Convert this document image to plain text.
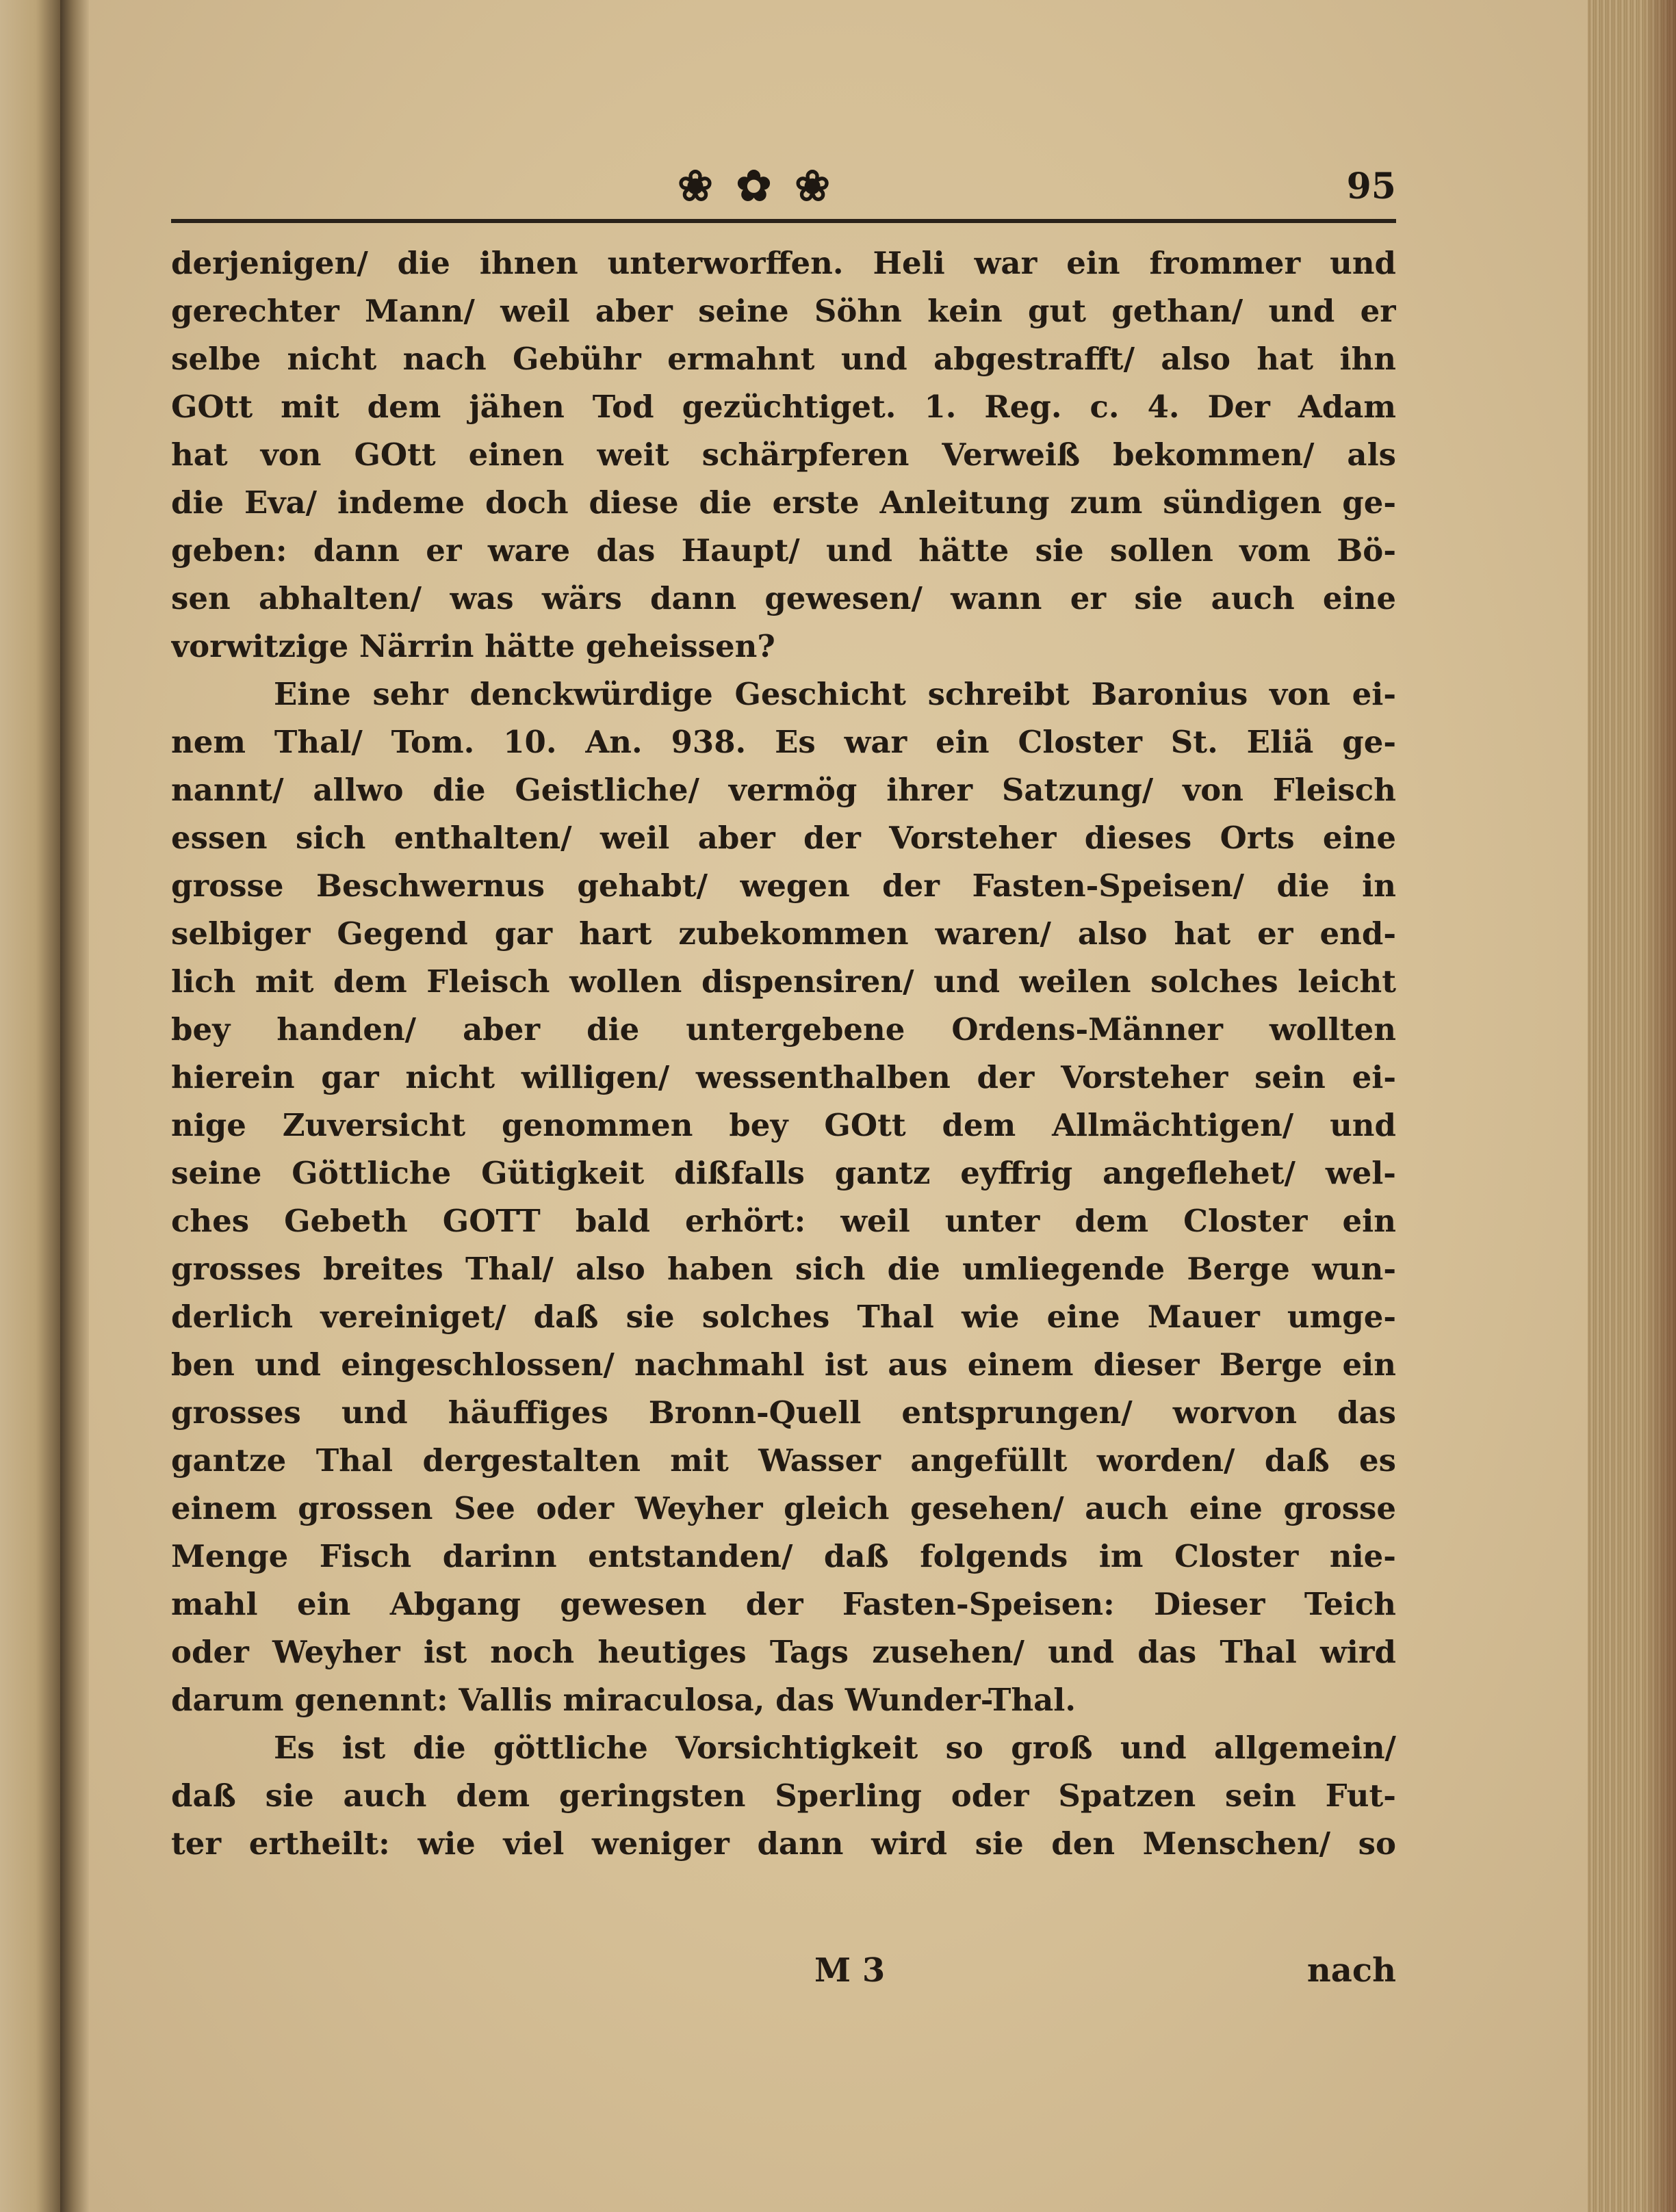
❀ ✿ ❀	95
derjenigen/ die ihnen unterworffen. Heli war ein frommer und
gerechter Mann/ weil aber seine Söhn kein gut gethan/ und er
selbe nicht nach Gebühr ermahnt und abgestrafft/ also hat ihn
GOtt mit dem jähen Tod gezüchtiget. 1. Reg. c. 4. Der Adam
hat von GOtt einen weit schärpferen Verweiß bekommen/ als
die Eva/ indeme doch diese die erste Anleitung zum sündigen ge-
geben: dann er ware das Haupt/ und hätte sie sollen vom Bö-
sen abhalten/ was wärs dann gewesen/ wann er sie auch eine
vorwitzige Närrin hätte geheissen?
Eine sehr denckwürdige Geschicht schreibt Baronius von ei-
nem Thal/ Tom. 10. An. 938. Es war ein Closter St. Eliä ge-
nannt/ allwo die Geistliche/ vermög ihrer Satzung/ von Fleisch
essen sich enthalten/ weil aber der Vorsteher dieses Orts eine
grosse Beschwernus gehabt/ wegen der Fasten-Speisen/ die in
selbiger Gegend gar hart zubekommen waren/ also hat er end-
lich mit dem Fleisch wollen dispensiren/ und weilen solches leicht
bey handen/ aber die untergebene Ordens-Männer wollten
hierein gar nicht willigen/ wessenthalben der Vorsteher sein ei-
nige Zuversicht genommen bey GOtt dem Allmächtigen/ und
seine Göttliche Gütigkeit dißfalls gantz eyffrig angeflehet/ wel-
ches Gebeth GOTT bald erhört: weil unter dem Closter ein
grosses breites Thal/ also haben sich die umliegende Berge wun-
derlich vereiniget/ daß sie solches Thal wie eine Mauer umge-
ben und eingeschlossen/ nachmahl ist aus einem dieser Berge ein
grosses und häuffiges Bronn-Quell entsprungen/ worvon das
gantze Thal dergestalten mit Wasser angefüllt worden/ daß es
einem grossen See oder Weyher gleich gesehen/ auch eine grosse
Menge Fisch darinn entstanden/ daß folgends im Closter nie-
mahl ein Abgang gewesen der Fasten-Speisen: Dieser Teich
oder Weyher ist noch heutiges Tags zusehen/ und das Thal wird
darum genennt: Vallis miraculosa, das Wunder-Thal.
Es ist die göttliche Vorsichtigkeit so groß und allgemein/
daß sie auch dem geringsten Sperling oder Spatzen sein Fut-
ter ertheilt: wie viel weniger dann wird sie den Menschen/ so
M 3	nach
